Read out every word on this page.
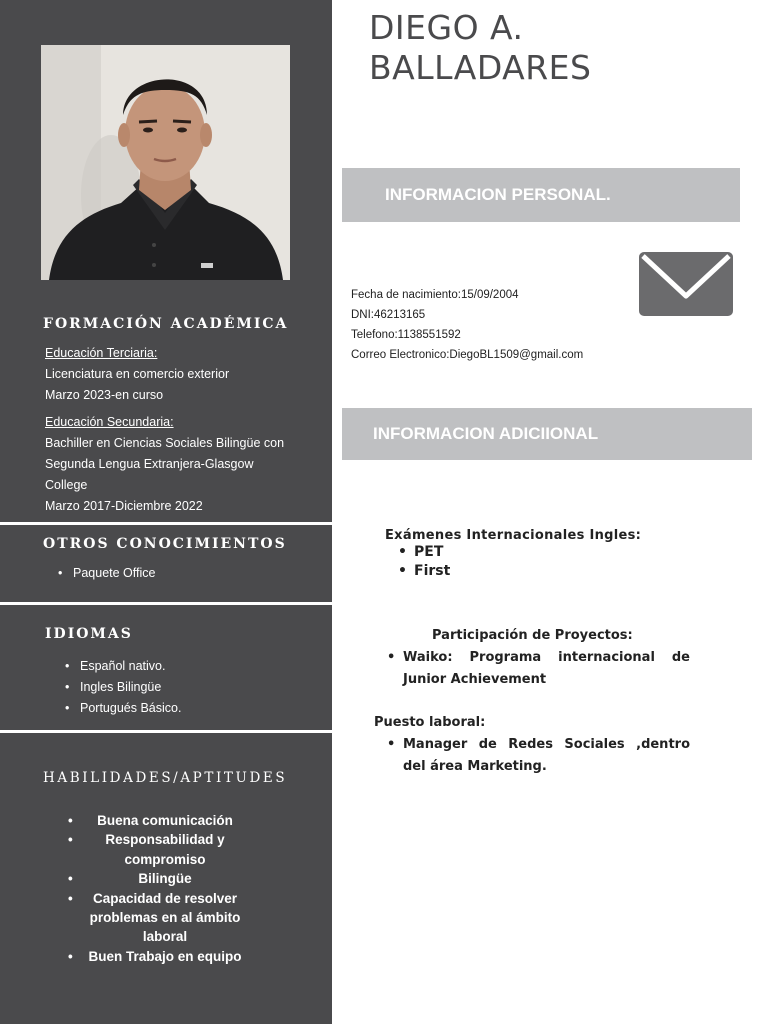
FORMACIÓN ACADÉMICA
Educación Terciaria:
Licenciatura en comercio exterior
Marzo 2023-en curso
Educación Secundaria:
Bachiller en Ciencias Sociales Bilingüe con
Segunda Lengua Extranjera-Glasgow
College
Marzo 2017-Diciembre 2022
OTROS CONOCIMIENTOS
• Paquete Office
IDIOMAS
• Español nativo.
• Ingles Bilingüe
• Portugués Básico.
HABILIDADES/APTITUDES
• Buena comunicación
• Responsabilidad y
compromiso
• Bilingüe
• Capacidad de resolver
problemas en al ámbito
laboral
• Buen Trabajo en equipo
DIEGO A.
BALLADARES
INFORMACION PERSONAL.
Fecha de nacimiento:15/09/2004
DNI:46213165
Telefono:1138551592
Correo Electronico:DiegoBL1509@gmail.com
INFORMACION ADICIIONAL
Exámenes Internacionales Ingles:
• PET
• First
Participación de Proyectos:
• Waiko: Programa internacional de
Junior Achievement
Puesto laboral:
• Manager de Redes Sociales ,dentro
del área Marketing.
